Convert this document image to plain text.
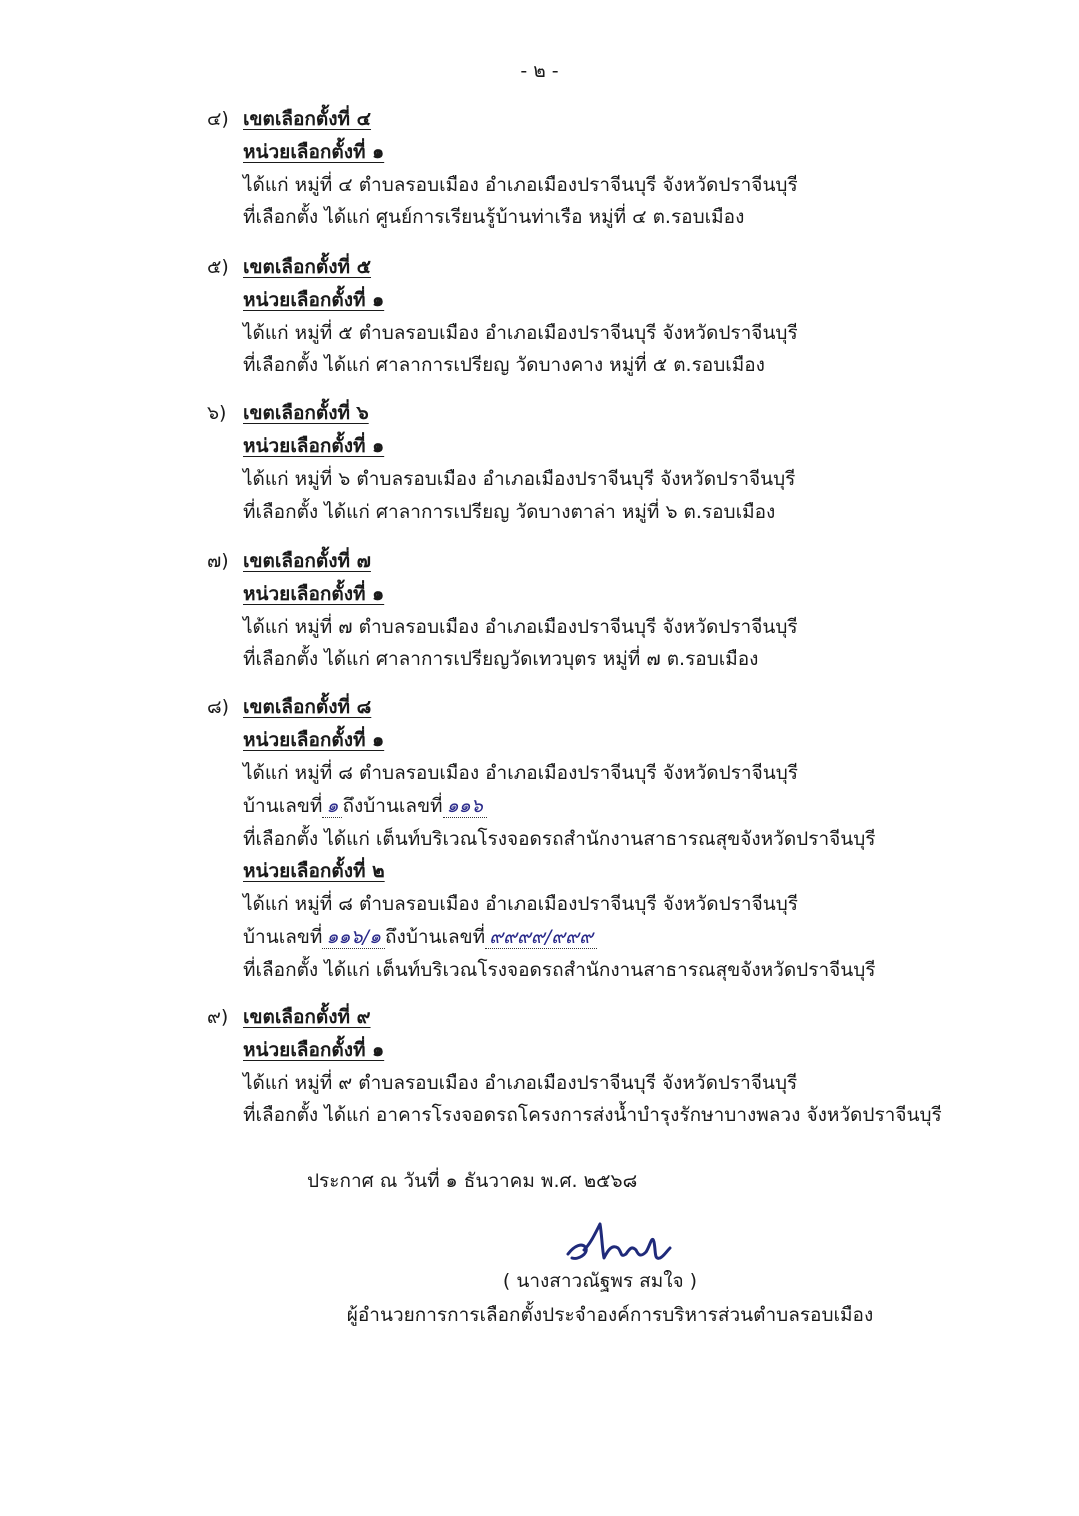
- ๒ -
๔) เขตเลือกตั้งที่ ๔
หน่วยเลือกตั้งที่ ๑
ได้แก่ หมู่ที่ ๔ ตำบลรอบเมือง อำเภอเมืองปราจีนบุรี จังหวัดปราจีนบุรี
ที่เลือกตั้ง ได้แก่ ศูนย์การเรียนรู้บ้านท่าเรือ หมู่ที่ ๔ ต.รอบเมือง
๕) เขตเลือกตั้งที่ ๕
หน่วยเลือกตั้งที่ ๑
ได้แก่ หมู่ที่ ๕ ตำบลรอบเมือง อำเภอเมืองปราจีนบุรี จังหวัดปราจีนบุรี
ที่เลือกตั้ง ได้แก่ ศาลาการเปรียญ วัดบางคาง หมู่ที่ ๕ ต.รอบเมือง
๖) เขตเลือกตั้งที่ ๖
หน่วยเลือกตั้งที่ ๑
ได้แก่ หมู่ที่ ๖ ตำบลรอบเมือง อำเภอเมืองปราจีนบุรี จังหวัดปราจีนบุรี
ที่เลือกตั้ง ได้แก่ ศาลาการเปรียญ วัดบางตาล่า หมู่ที่ ๖ ต.รอบเมือง
๗) เขตเลือกตั้งที่ ๗
หน่วยเลือกตั้งที่ ๑
ได้แก่ หมู่ที่ ๗ ตำบลรอบเมือง อำเภอเมืองปราจีนบุรี จังหวัดปราจีนบุรี
ที่เลือกตั้ง ได้แก่ ศาลาการเปรียญวัดเทวบุตร หมู่ที่ ๗ ต.รอบเมือง
๘) เขตเลือกตั้งที่ ๘
หน่วยเลือกตั้งที่ ๑
ได้แก่ หมู่ที่ ๘ ตำบลรอบเมือง อำเภอเมืองปราจีนบุรี จังหวัดปราจีนบุรี
บ้านเลขที่ ๑ ถึงบ้านเลขที่ ๑๑๖
ที่เลือกตั้ง ได้แก่ เต็นท์บริเวณโรงจอดรถสำนักงานสาธารณสุขจังหวัดปราจีนบุรี
หน่วยเลือกตั้งที่ ๒
ได้แก่ หมู่ที่ ๘ ตำบลรอบเมือง อำเภอเมืองปราจีนบุรี จังหวัดปราจีนบุรี
บ้านเลขที่ ๑๑๖/๑ ถึงบ้านเลขที่ ๙๙๙๙/๙๙๙
ที่เลือกตั้ง ได้แก่ เต็นท์บริเวณโรงจอดรถสำนักงานสาธารณสุขจังหวัดปราจีนบุรี
๙) เขตเลือกตั้งที่ ๙
หน่วยเลือกตั้งที่ ๑
ได้แก่ หมู่ที่ ๙ ตำบลรอบเมือง อำเภอเมืองปราจีนบุรี จังหวัดปราจีนบุรี
ที่เลือกตั้ง ได้แก่ อาคารโรงจอดรถโครงการส่งน้ำบำรุงรักษาบางพลวง จังหวัดปราจีนบุรี
ประกาศ ณ วันที่ ๑ ธันวาคม พ.ศ. ๒๕๖๘
( นางสาวณัฐพร สมใจ )
ผู้อำนวยการการเลือกตั้งประจำองค์การบริหารส่วนตำบลรอบเมือง
